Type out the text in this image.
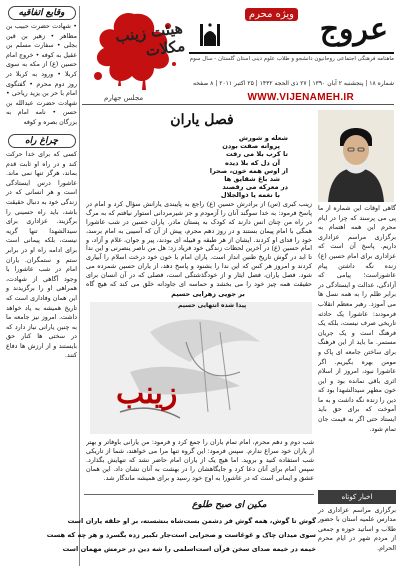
وقایع اتفاقیه
• شهادت حضرت حبیب بن مظاهر • زهیر بن قین بجلی • سفارت مسلم بن عقیل به کوفه • خروج امام حسین (ع) از مکه به سوی کربلا • ورود به کربلا در روز دوم محرم • گفتگوی امام با حر بن یزید ریاحی • شهادت حضرت عبدالله بن حسن • نامه امام به بزرگان بصره و کوفه
چراغ راه
کسی که برای خدا حرکت کند و در راه او ثابت قدم بماند، هرگز تنها نمی ماند. عاشورا درس ایستادگی است و هر انسانی که در زندگی خود به دنبال حقیقت باشد، باید راه حسینی را برگزیند. عزاداری برای سیدالشهدا تنها گریه نیست، بلکه پیمانی است برای ادامه راه او در برابر ستم و ستمگران. یاران امام در شب عاشورا با وجود آگاهی از شهادت، همراهی او را برگزیدند و این همان وفاداری است که تاریخ همیشه به یاد خواهد داشت. امروز نیز جامعه ما به چنین یارانی نیاز دارد که در سختی ها کنار حق بایستند و از ارزش ها دفاع کنند.
هیئت زینب مکلات
عروج
ویژه محرم
ماهنامه فرهنگی اجتماعی روحانیون دانشجو و طلاب علوم دینی استان گلستان - سال سوم
شماره ۱۸ | پنجشنبه ۲ آبان ۱۳۹۰ | ۲۷ ذی الحجه ۱۴۳۲ | ۲۵ اکتبر ۲۰۱۱ | ۸ صفحه
WWW.VIJENAMEH.IR
مجلس جهارم
فصل یاران
شعله و شورش
پروانه صفت بودن
تا کرب بلا می رفت
آن دل که بلا دیده
از اوس همه خون، صحرا
شد باغ شقایق ها
در معرکه می رقصند
با نغمه یا ذوالجلال
زینب کبری (س) از برادرش حسین (ع) راجع به پایبندی یارانش سؤال کرد و امام در پاسخ فرمود: به خدا سوگند آنان را آزمودم و جز شیرمردانی استوار نیافتم که به مرگ در راه من چنان انس دارند که کودک به پستان مادر. یاران حسین در شب عاشورا همگی با امام پیمان بستند و در روز دهم محرم، پیش از آن که آسیبی به امام برسد، خود را فدای او کردند. ایشان از هر طبقه و قبیله ای بودند، پیر و جوان، غلام و آزاد، و
امام حسین (ع) در آخرین لحظات زندگی خود فریاد زد: هل من ناصر ینصرنی و این ندا تا ابد در گوش تاریخ طنین انداز است. یاران امام با خون خود درخت اسلام را آبیاری کردند و امروز هر کس که این ندا را بشنود و پاسخ دهد، از یاران حسین شمرده می شود. فصل یاران، فصل ایثار و از خودگذشتگی است، فصلی که در آن انسان برای حقیقت همه چیز خود را می بخشد و حماسه ای جاودانه خلق می کند که هیچ گاه
بر جویی زهرایی حسیم
زینب
پیدا شده انتهایی حسیم
شب دوم و دهم محرم، امام تمام یاران را جمع کرد و فرمود: من یارانی باوفاتر و بهتر از یاران خود سراغ ندارم. سپس فرمود: این گروه تنها مرا می خواهند، شما از تاریکی شب استفاده کنید و بروید. اما هیچ یک از یاران امام حاضر نشد که تنهایش بگذارد. سپس امام برای آنان دعا کرد و جایگاهشان را در بهشت به آنان نشان داد. این همان عشق و ایمانی است که در عاشورا به اوج خود رسید و برای همیشه ماندگار شد.
گاهی اوقات این شماره از ما پی می پرسند که چرا در ایام محرم این همه اهتمام به برگزاری مراسم عزاداری داریم. پاسخ آن است که عزاداری برای امام حسین (ع) زنده نگه داشتن پیام عاشوراست؛ پیامی که آزادگی، عدالت و ایستادگی در برابر ظلم را به همه نسل ها می آموزد. رهبر معظم انقلاب فرمودند: عاشورا یک حادثه تاریخی صرف نیست، بلکه یک فرهنگ است و یک جریان مستمر. ما باید از این فرهنگ برای ساختن جامعه ای پاک و مومن بهره بگیریم. اگر عاشورا نبود، امروز از اسلام اثری باقی نمانده بود و این خون مطهر سیدالشهدا بود که دین را زنده نگه داشت و به ما آموخت که برای حق باید ایستاد حتی اگر به قیمت جان تمام شود.
اخبار کوتاه
برگزاری مراسم عزاداری در مدارس علمیه استان با حضور طلاب و اساتید حوزه و جمعی از مردم شهر در ایام محرم الحرام.
مکین ای صبح طلوع
گوش تا گوش، همه گوش فر دشمن بست
شاه بنشسته، بر او حلقه یاران است
سوی میدان چاک و غوغاست و صحرایی است
جار تکبیر زده بگسرد و هر چه که هست
خیمه در خیمه صدای سخن قرآن است
اسلمی را شه دین در حرمش مهمان است
